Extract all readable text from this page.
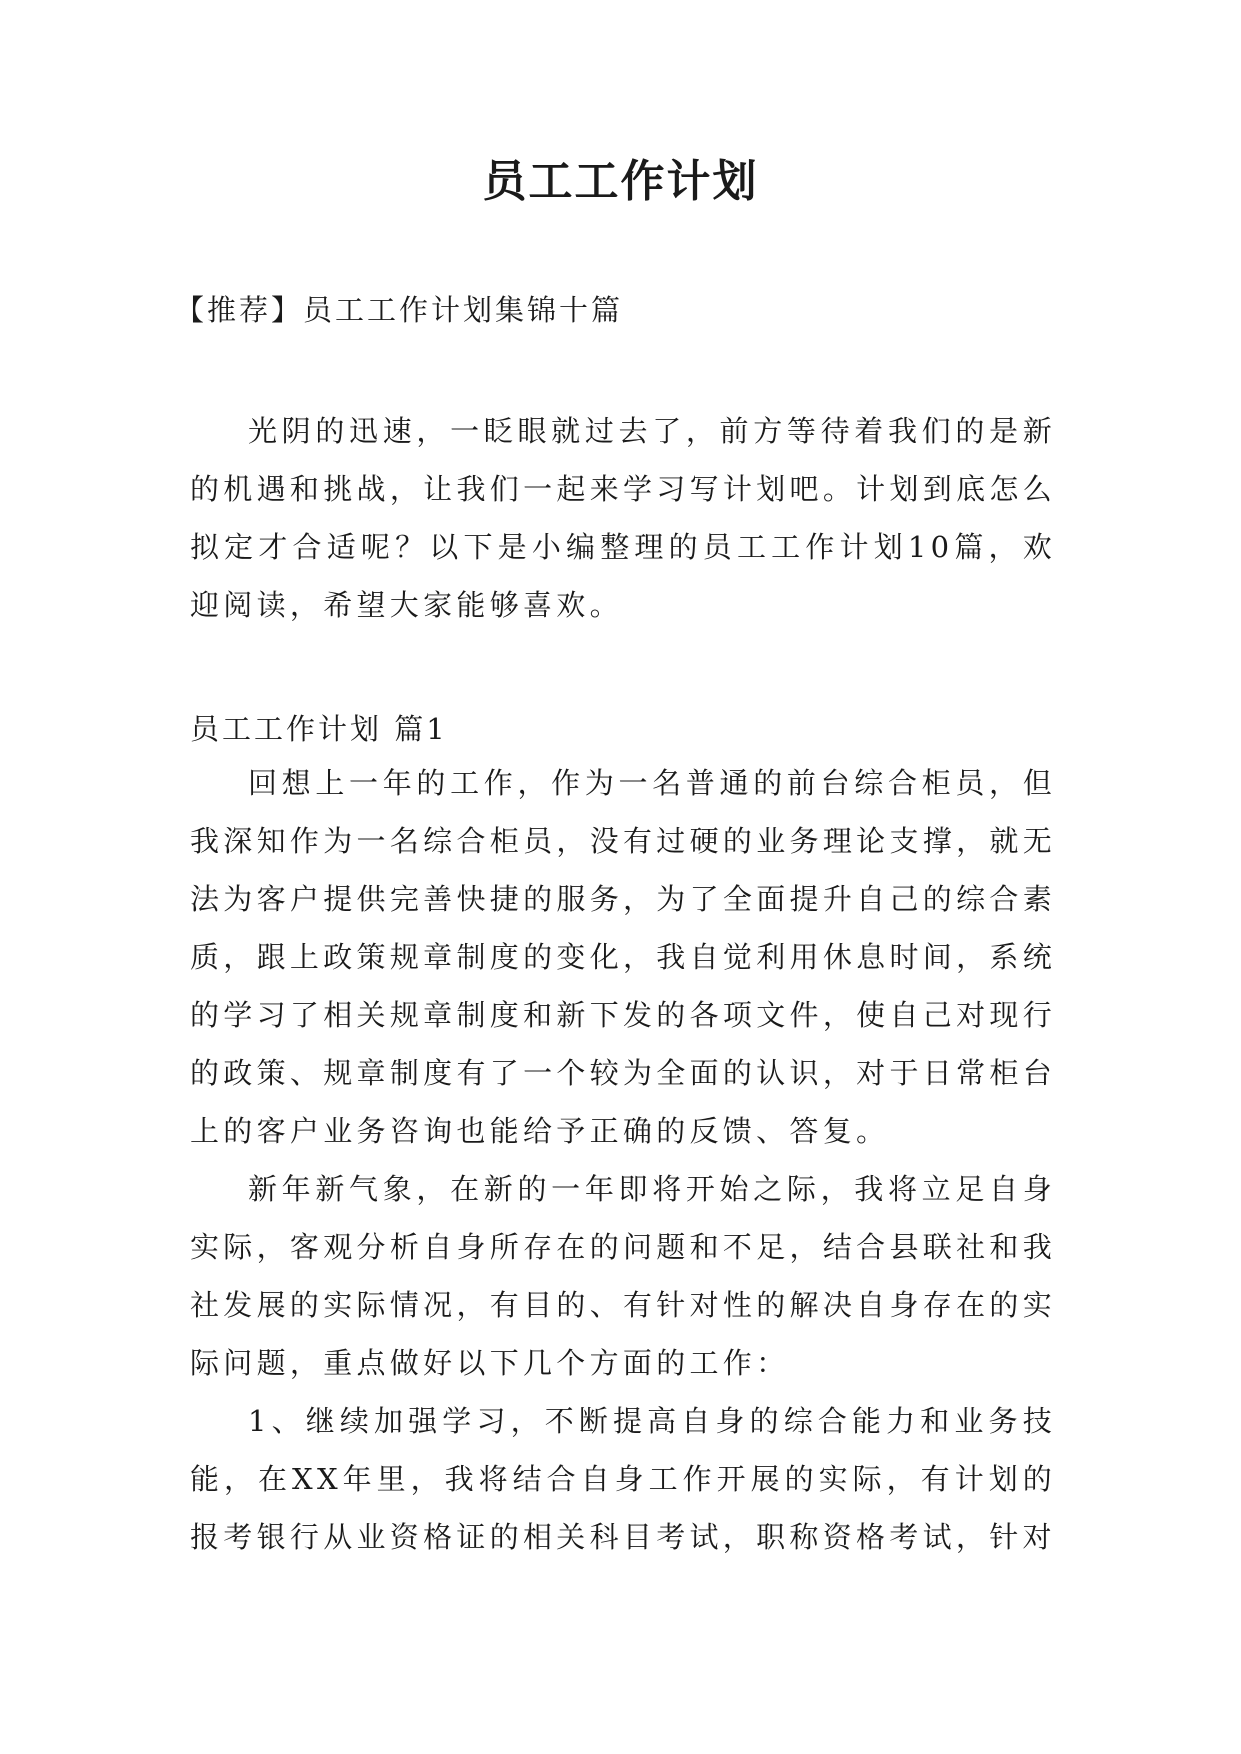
员工工作计划
【推荐】员工工作计划集锦十篇

光阴的迅速，一眨眼就过去了，前方等待着我们的是新的机遇和挑战，让我们一起来学习写计划吧。计划到底怎么拟定才合适呢？以下是小编整理的员工工作计划10篇，欢迎阅读，希望大家能够喜欢。

员工工作计划 篇1

回想上一年的工作，作为一名普通的前台综合柜员，但我深知作为一名综合柜员，没有过硬的业务理论支撑，就无法为客户提供完善快捷的服务，为了全面提升自己的综合素质，跟上政策规章制度的变化，我自觉利用休息时间，系统的学习了相关规章制度和新下发的各项文件，使自己对现行的政策、规章制度有了一个较为全面的认识，对于日常柜台上的客户业务咨询也能给予正确的反馈、答复。

新年新气象，在新的一年即将开始之际，我将立足自身实际，客观分析自身所存在的问题和不足，结合县联社和我社发展的实际情况，有目的、有针对性的解决自身存在的实际问题，重点做好以下几个方面的工作：

1、继续加强学习，不断提高自身的综合能力和业务技能，在XX年里，我将结合自身工作开展的实际，有计划的报考银行从业资格证的相关科目考试，职称资格考试，针对
